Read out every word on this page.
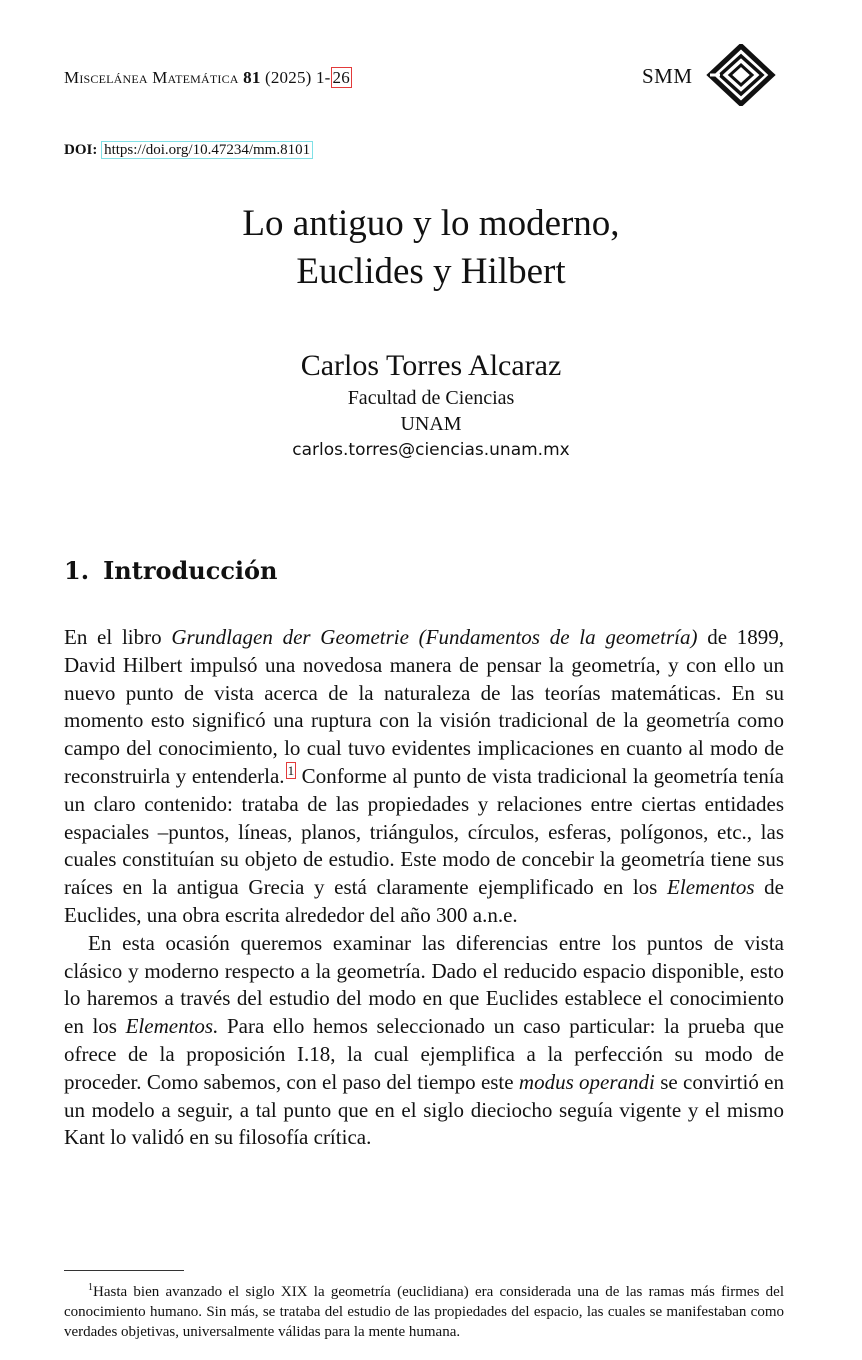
Miscelánea Matemática 81 (2025) 1- 26	SMM
DOI: https://doi.org/10.47234/mm.8101
Lo antiguo y lo moderno,
Euclides y Hilbert
Carlos Torres Alcaraz
Facultad de Ciencias
UNAM
carlos.torres@ciencias.unam.mx
1. Introducción

En el libro Grundlagen der Geometrie (Fundamentos de la geometría) de 1899, David Hilbert impulsó una novedosa manera de pensar la geometría, y con ello un nuevo punto de vista acerca de la naturaleza de las teorías matemáticas. En su momento esto significó una ruptura con la visión tradicional de la geometría como campo del conocimiento, lo cual tuvo evidentes implicaciones en cuanto al modo de reconstruirla y entenderla. $^1$ Conforme al punto de vista tradicional la geometría tenía un claro contenido: trataba de las propiedades y relaciones entre ciertas entidades espaciales –puntos, líneas, planos, triángulos, círculos, esferas, polígonos, etc., las cuales constituían su objeto de estudio. Este modo de concebir la geometría tiene sus raíces en la antigua Grecia y está claramente ejemplificado en los Elementos de Euclides, una obra escrita alrededor del año 300 a.n.e.

En esta ocasión queremos examinar las diferencias entre los puntos de vista clásico y moderno respecto a la geometría. Dado el reducido espacio disponible, esto lo haremos a través del estudio del modo en que Euclides establece el conocimiento en los Elementos. Para ello hemos seleccionado un caso particular: la prueba que ofrece de la proposición I.18, la cual ejemplifica a la perfección su modo de proceder. Como sabemos, con el paso del tiempo este modus operandi se convirtió en un modelo a seguir, a tal punto que en el siglo dieciocho seguía vigente y el mismo Kant lo validó en su filosofía crítica.

$^1$Hasta bien avanzado el siglo XIX la geometría (euclidiana) era considerada una de las ramas más firmes del conocimiento humano. Sin más, se trataba del estudio de las propiedades del espacio, las cuales se manifestaban como verdades objetivas, universalmente válidas para la mente humana.
